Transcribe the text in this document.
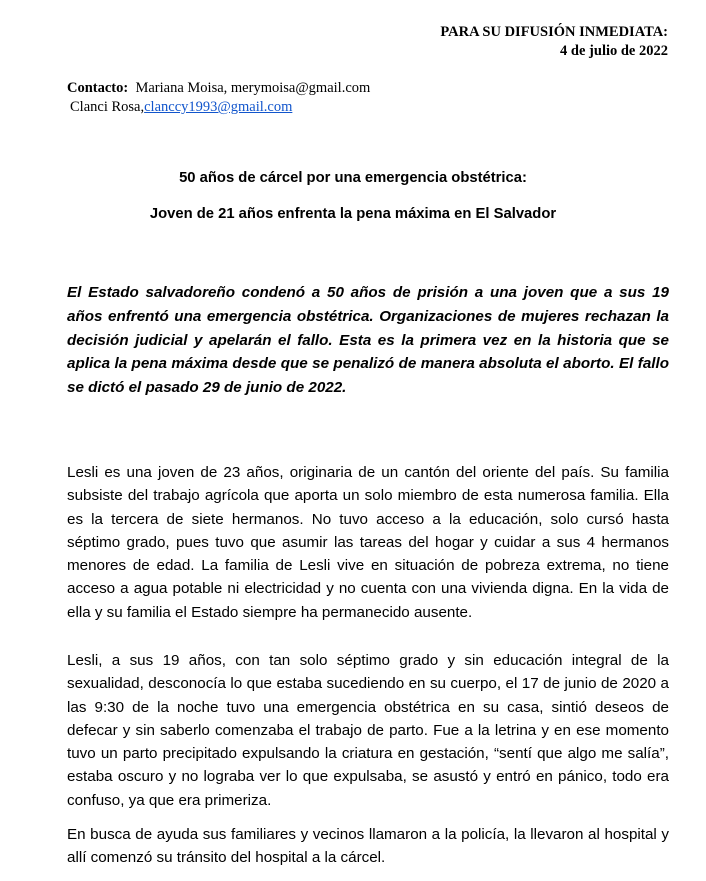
PARA SU DIFUSIÓN INMEDIATA:
4 de julio de 2022
Contacto: Mariana Moisa, merymoisa@gmail.com
Clanci Rosa,clanccy1993@gmail.com
50 años de cárcel por una emergencia obstétrica:
Joven de 21 años enfrenta la pena máxima en El Salvador
El Estado salvadoreño condenó a 50 años de prisión a una joven que a sus 19 años enfrentó una emergencia obstétrica. Organizaciones de mujeres rechazan la decisión judicial y apelarán el fallo. Esta es la primera vez en la historia que se aplica la pena máxima desde que se penalizó de manera absoluta el aborto. El fallo se dictó el pasado 29 de junio de 2022.
Lesli es una joven de 23 años, originaria de un cantón del oriente del país. Su familia subsiste del trabajo agrícola que aporta un solo miembro de esta numerosa familia. Ella es la tercera de siete hermanos. No tuvo acceso a la educación, solo cursó hasta séptimo grado, pues tuvo que asumir las tareas del hogar y cuidar a sus 4 hermanos menores de edad. La familia de Lesli vive en situación de pobreza extrema, no tiene acceso a agua potable ni electricidad y no cuenta con una vivienda digna. En la vida de ella y su familia el Estado siempre ha permanecido ausente.
Lesli, a sus 19 años, con tan solo séptimo grado y sin educación integral de la sexualidad, desconocía lo que estaba sucediendo en su cuerpo, el 17 de junio de 2020 a las 9:30 de la noche tuvo una emergencia obstétrica en su casa, sintió deseos de defecar y sin saberlo comenzaba el trabajo de parto. Fue a la letrina y en ese momento tuvo un parto precipitado expulsando la criatura en gestación, “sentí que algo me salía”, estaba oscuro y no lograba ver lo que expulsaba, se asustó y entró en pánico, todo era confuso, ya que era primeriza.
En busca de ayuda sus familiares y vecinos llamaron a la policía, la llevaron al hospital y allí comenzó su tránsito del hospital a la cárcel.
